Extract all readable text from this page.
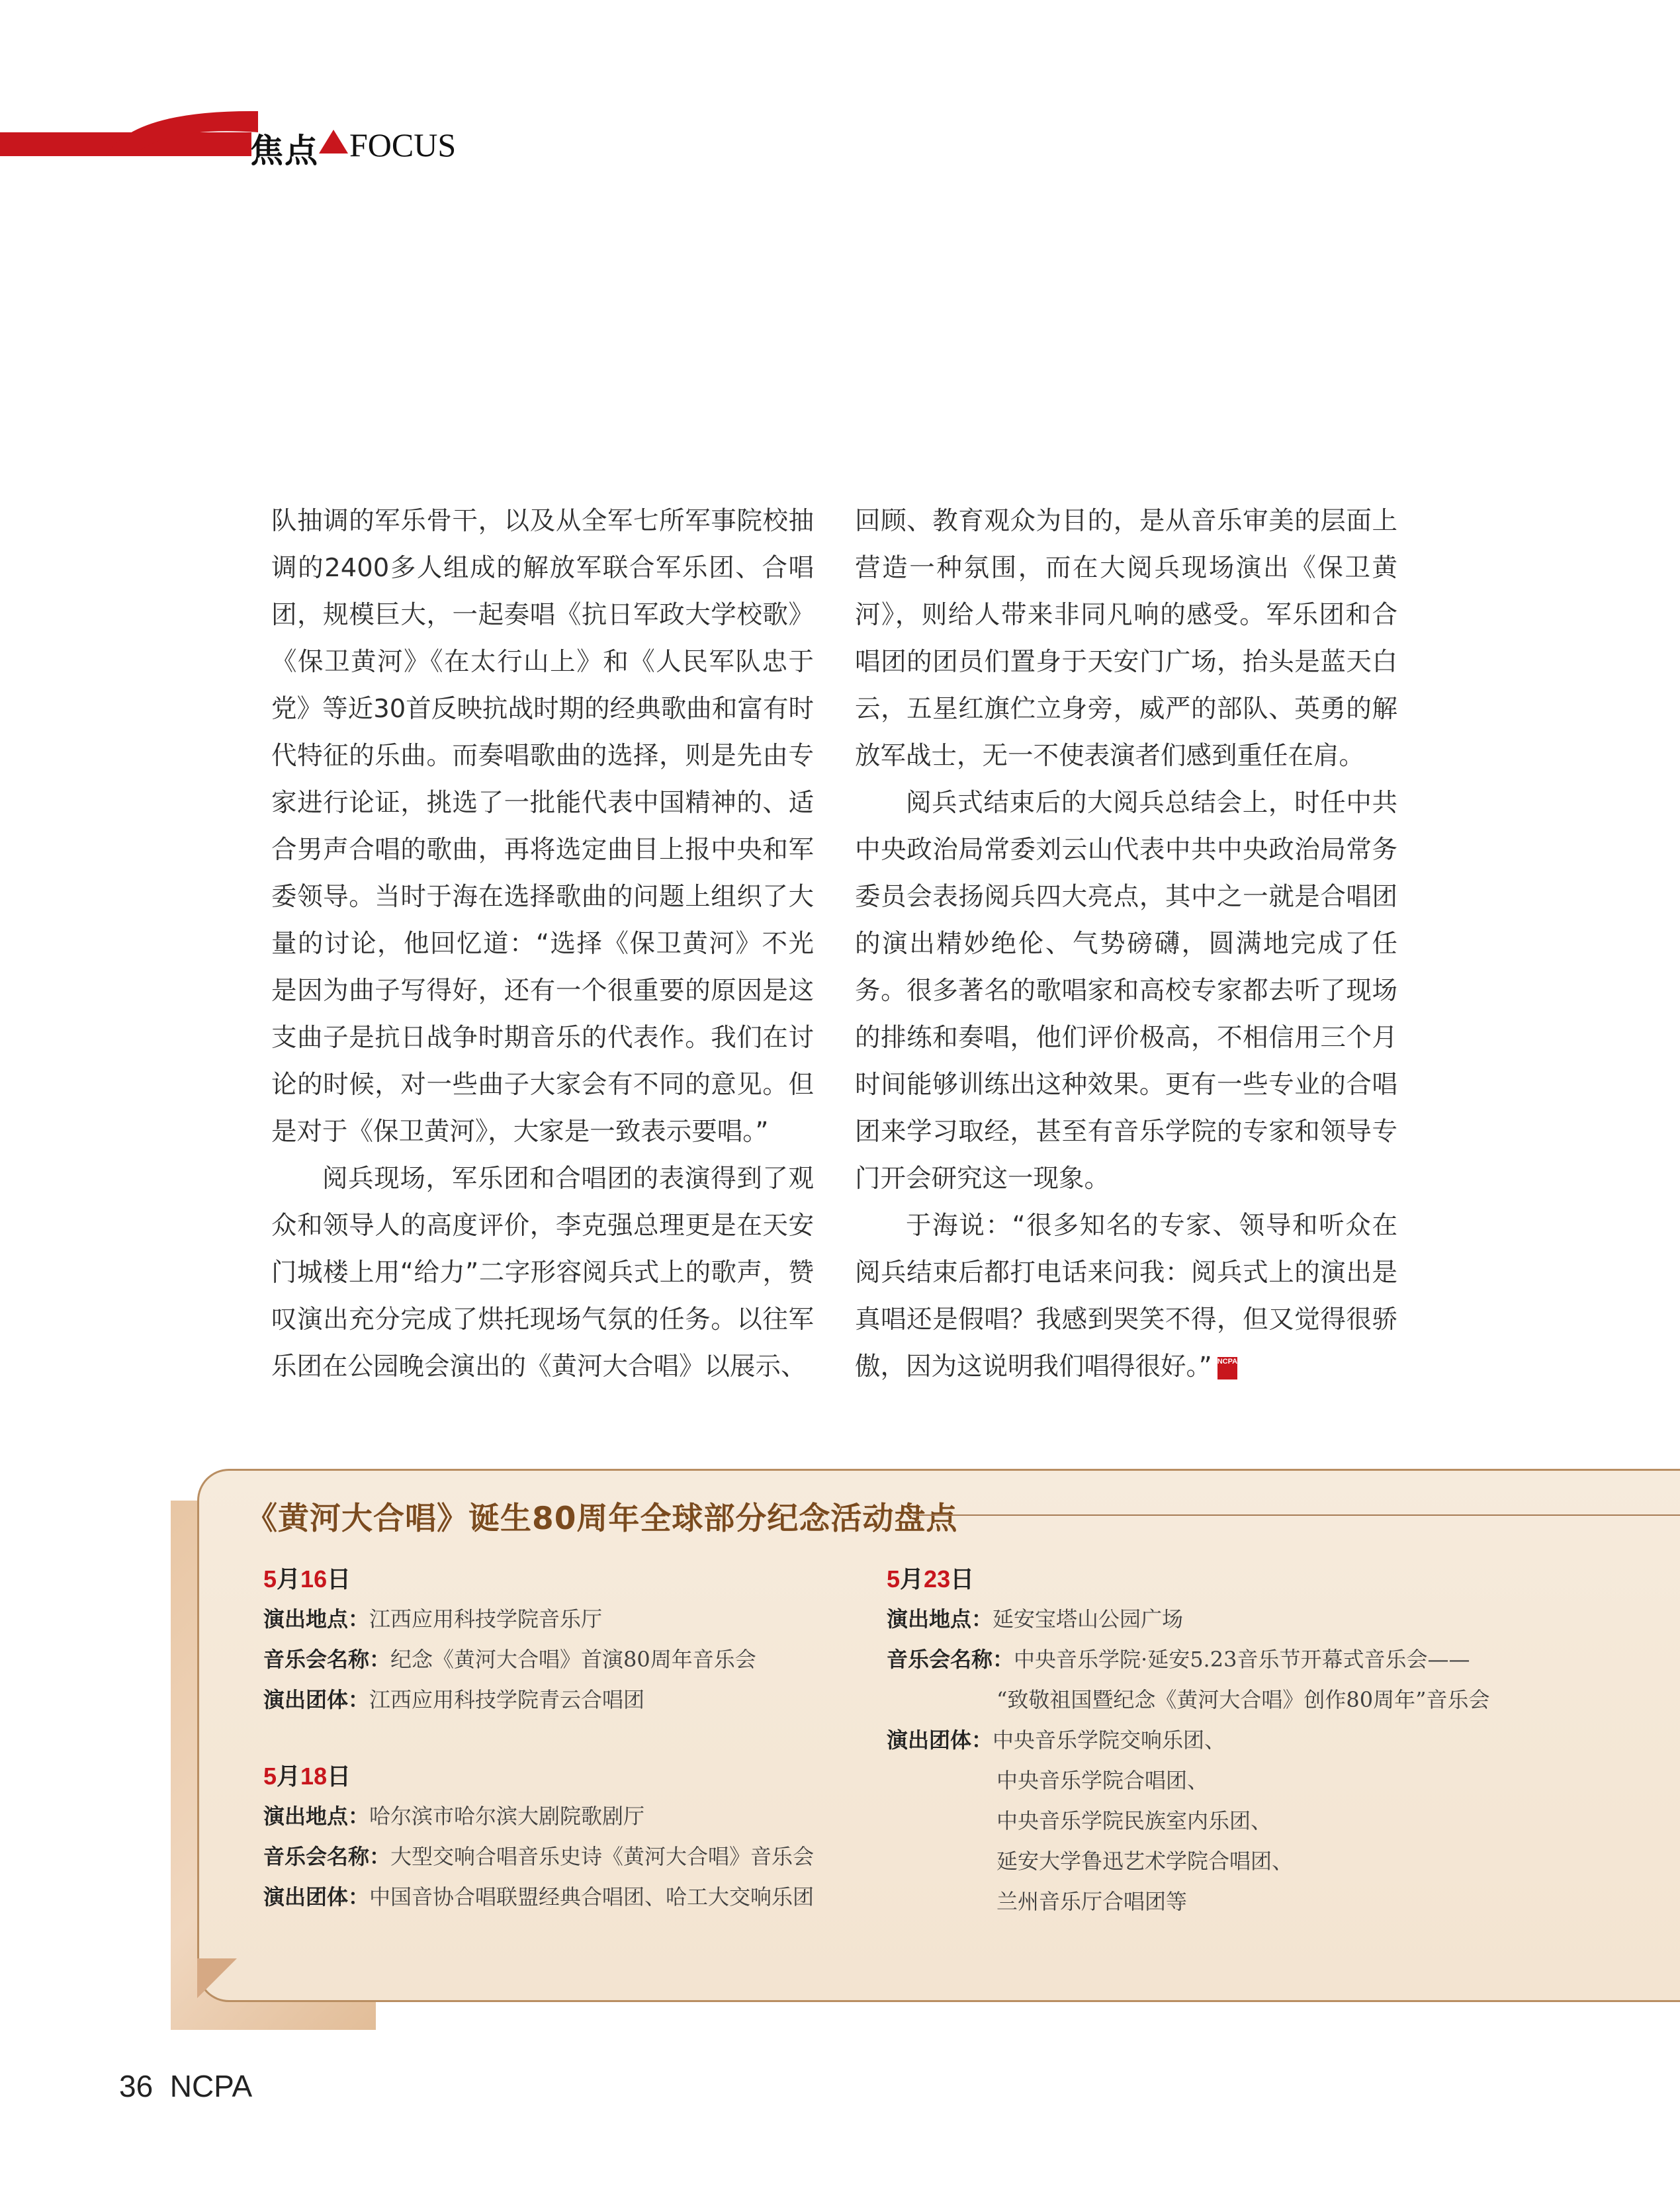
焦点 FOCUS

队抽调的军乐骨干，以及从全军七所军事院校抽调的2400多人组成的解放军联合军乐团、合唱团，规模巨大，一起奏唱《抗日军政大学校歌》《保卫黄河》《在太行山上》和《人民军队忠于党》等近30首反映抗战时期的经典歌曲和富有时代特征的乐曲。而奏唱歌曲的选择，则是先由专家进行论证，挑选了一批能代表中国精神的、适合男声合唱的歌曲，再将选定曲目上报中央和军委领导。当时于海在选择歌曲的问题上组织了大量的讨论，他回忆道：“选择《保卫黄河》不光是因为曲子写得好，还有一个很重要的原因是这支曲子是抗日战争时期音乐的代表作。我们在讨论的时候，对一些曲子大家会有不同的意见。但是对于《保卫黄河》，大家是一致表示要唱。”

阅兵现场，军乐团和合唱团的表演得到了观众和领导人的高度评价，李克强总理更是在天安门城楼上用“给力”二字形容阅兵式上的歌声，赞叹演出充分完成了烘托现场气氛的任务。以往军乐团在公园晚会演出的《黄河大合唱》以展示、

回顾、教育观众为目的，是从音乐审美的层面上营造一种氛围，而在大阅兵现场演出《保卫黄河》，则给人带来非同凡响的感受。军乐团和合唱团的团员们置身于天安门广场，抬头是蓝天白云，五星红旗伫立身旁，威严的部队、英勇的解放军战士，无一不使表演者们感到重任在肩。

阅兵式结束后的大阅兵总结会上，时任中共中央政治局常委刘云山代表中共中央政治局常务委员会表扬阅兵四大亮点，其中之一就是合唱团的演出精妙绝伦、气势磅礴，圆满地完成了任务。很多著名的歌唱家和高校专家都去听了现场的排练和奏唱，他们评价极高，不相信用三个月时间能够训练出这种效果。更有一些专业的合唱团来学习取经，甚至有音乐学院的专家和领导专门开会研究这一现象。

于海说：“很多知名的专家、领导和听众在阅兵结束后都打电话来问我：阅兵式上的演出是真唱还是假唱？我感到哭笑不得，但又觉得很骄傲，因为这说明我们唱得很好。” NCPA

《黄河大合唱》诞生80周年全球部分纪念活动盘点
5月16日
演出地点：江西应用科技学院音乐厅
音乐会名称：纪念《黄河大合唱》首演80周年音乐会
演出团体：江西应用科技学院青云合唱团
5月18日
演出地点：哈尔滨市哈尔滨大剧院歌剧厅
音乐会名称：大型交响合唱音乐史诗《黄河大合唱》音乐会
演出团体：中国音协合唱联盟经典合唱团、哈工大交响乐团
5月23日
演出地点：延安宝塔山公园广场
音乐会名称：中央音乐学院·延安5.23音乐节开幕式音乐会——
“致敬祖国暨纪念《黄河大合唱》创作80周年”音乐会
演出团体：中央音乐学院交响乐团、
中央音乐学院合唱团、
中央音乐学院民族室内乐团、
延安大学鲁迅艺术学院合唱团、
兰州音乐厅合唱团等
36 NCPA
